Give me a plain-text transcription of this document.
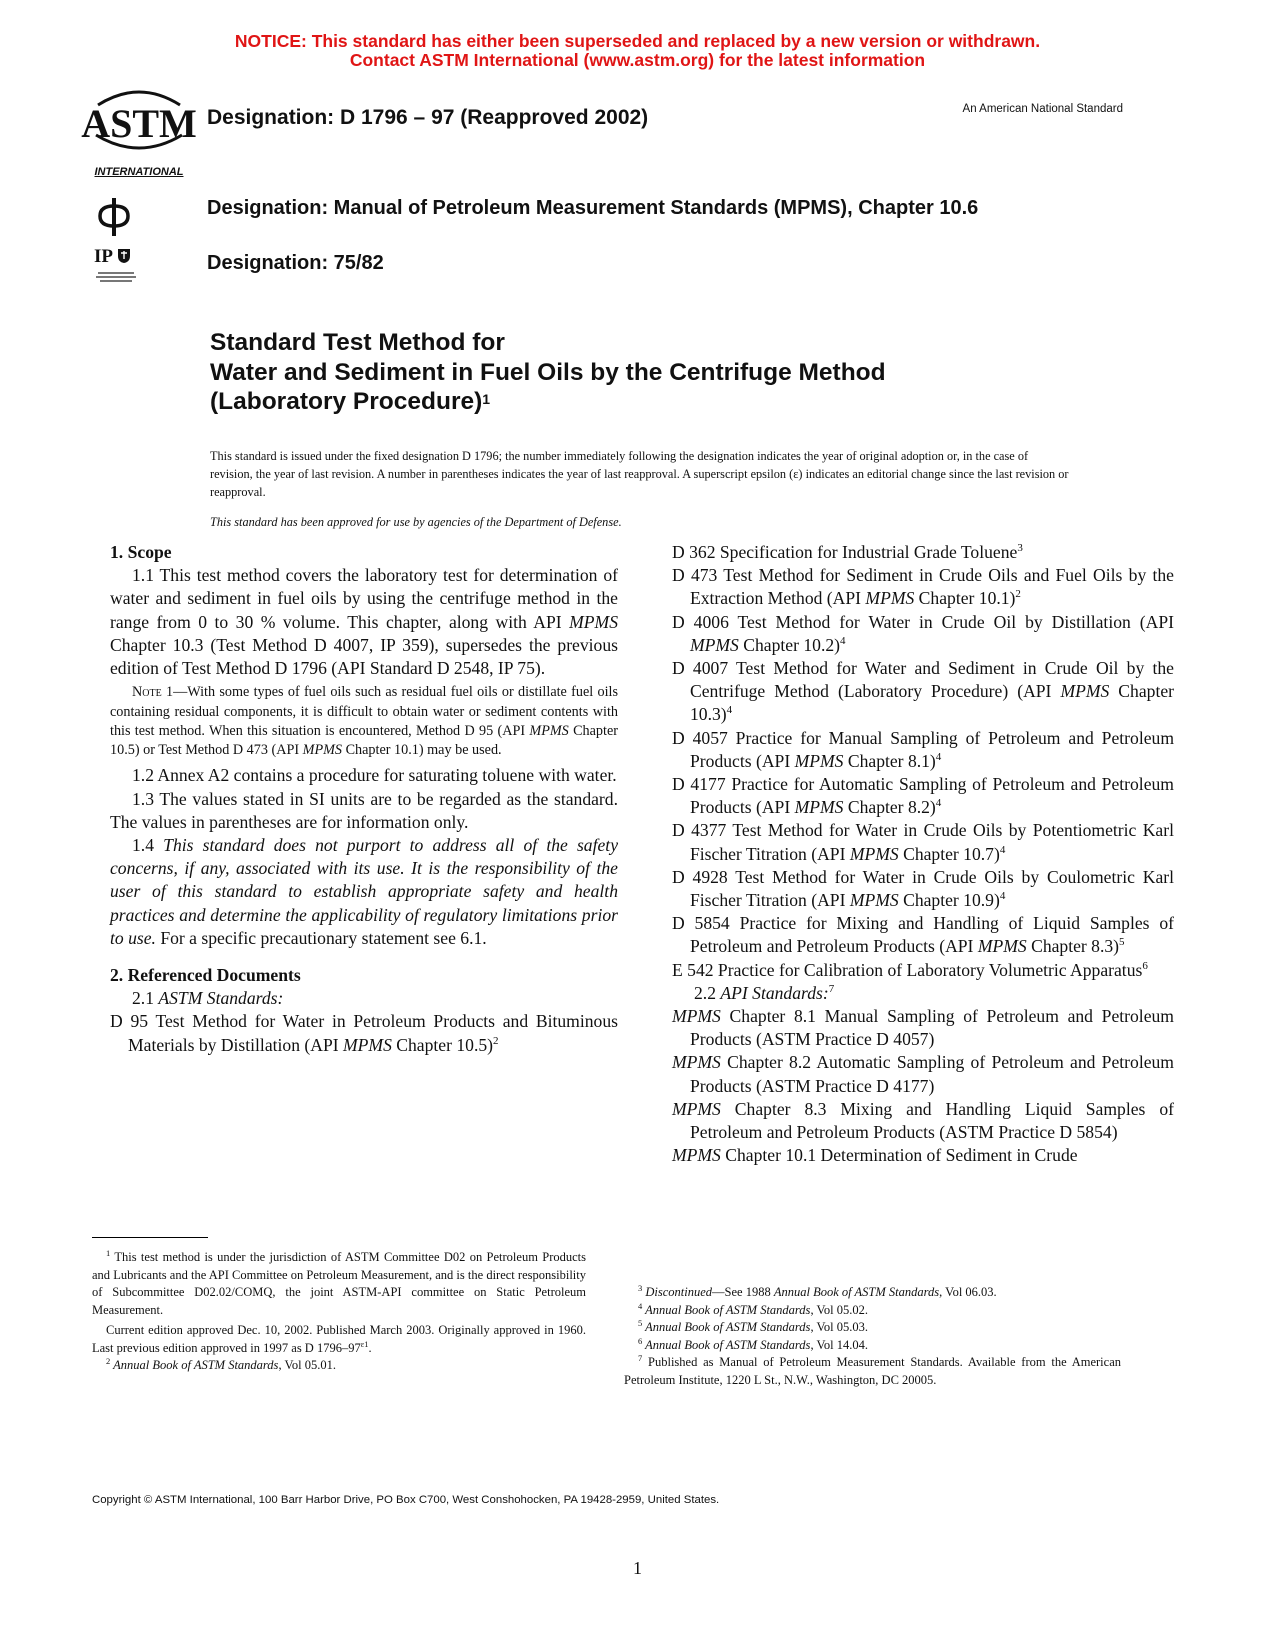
NOTICE: This standard has either been superseded and replaced by a new version or withdrawn.
Contact ASTM International (www.astm.org) for the latest information
ASTM
INTERNATIONAL
IP
Designation: D 1796 – 97 (Reapproved 2002)	An American National Standard
Designation: Manual of Petroleum Measurement Standards (MPMS), Chapter 10.6
Designation: 75/82
Standard Test Method for
Water and Sediment in Fuel Oils by the Centrifuge Method
(Laboratory Procedure)$^1$
This standard is issued under the fixed designation D 1796; the number immediately following the designation indicates the year of original adoption or, in the case of revision, the year of last revision. A number in parentheses indicates the year of last reapproval. A superscript epsilon (ε) indicates an editorial change since the last revision or reapproval.
This standard has been approved for use by agencies of the Department of Defense.
1. Scope

1.1 This test method covers the laboratory test for determination of water and sediment in fuel oils by using the centrifuge method in the range from 0 to 30 % volume. This chapter, along with API MPMS Chapter 10.3 (Test Method D 4007, IP 359), supersedes the previous edition of Test Method D 1796 (API Standard D 2548, IP 75).

Note 1—With some types of fuel oils such as residual fuel oils or distillate fuel oils containing residual components, it is difficult to obtain water or sediment contents with this test method. When this situation is encountered, Method D 95 (API MPMS Chapter 10.5) or Test Method D 473 (API MPMS Chapter 10.1) may be used.

1.2 Annex A2 contains a procedure for saturating toluene with water.

1.3 The values stated in SI units are to be regarded as the standard. The values in parentheses are for information only.

1.4 This standard does not purport to address all of the safety concerns, if any, associated with its use. It is the responsibility of the user of this standard to establish appropriate safety and health practices and determine the applicability of regulatory limitations prior to use. For a specific precautionary statement see 6.1.

2. Referenced Documents

2.1 ASTM Standards:

D 95 Test Method for Water in Petroleum Products and Bituminous Materials by Distillation (API MPMS Chapter 10.5)$^2$

D 362 Specification for Industrial Grade Toluene$^3$

D 473 Test Method for Sediment in Crude Oils and Fuel Oils by the Extraction Method (API MPMS Chapter 10.1)$^2$

D 4006 Test Method for Water in Crude Oil by Distillation (API MPMS Chapter 10.2)$^4$

D 4007 Test Method for Water and Sediment in Crude Oil by the Centrifuge Method (Laboratory Procedure) (API MPMS Chapter 10.3)$^4$

D 4057 Practice for Manual Sampling of Petroleum and Petroleum Products (API MPMS Chapter 8.1)$^4$

D 4177 Practice for Automatic Sampling of Petroleum and Petroleum Products (API MPMS Chapter 8.2)$^4$

D 4377 Test Method for Water in Crude Oils by Potentiometric Karl Fischer Titration (API MPMS Chapter 10.7)$^4$

D 4928 Test Method for Water in Crude Oils by Coulometric Karl Fischer Titration (API MPMS Chapter 10.9)$^4$

D 5854 Practice for Mixing and Handling of Liquid Samples of Petroleum and Petroleum Products (API MPMS Chapter 8.3)$^5$

E 542 Practice for Calibration of Laboratory Volumetric Apparatus$^6$

2.2 API Standards:$^7$

MPMS Chapter 8.1 Manual Sampling of Petroleum and Petroleum Products (ASTM Practice D 4057)

MPMS Chapter 8.2 Automatic Sampling of Petroleum and Petroleum Products (ASTM Practice D 4177)

MPMS Chapter 8.3 Mixing and Handling Liquid Samples of Petroleum and Petroleum Products (ASTM Practice D 5854)

MPMS Chapter 10.1 Determination of Sediment in Crude

$^1$ This test method is under the jurisdiction of ASTM Committee D02 on Petroleum Products and Lubricants and the API Committee on Petroleum Measurement, and is the direct responsibility of Subcommittee D02.02/COMQ, the joint ASTM-API committee on Static Petroleum Measurement.

Current edition approved Dec. 10, 2002. Published March 2003. Originally approved in 1960. Last previous edition approved in 1997 as D $1796-97^{\varepsilon 1}$.

$^2$ Annual Book of ASTM Standards, Vol 05.01.

$^3$ Discontinued—See 1988 Annual Book of ASTM Standards, Vol 06.03.

$^4$ Annual Book of ASTM Standards, Vol 05.02.

$^5$ Annual Book of ASTM Standards, Vol 05.03.

$^6$ Annual Book of ASTM Standards, Vol 14.04.

$^7$ Published as Manual of Petroleum Measurement Standards. Available from the American Petroleum Institute, 1220 L St., N.W., Washington, DC 20005.

Copyright © ASTM International, 100 Barr Harbor Drive, PO Box C700, West Conshohocken, PA 19428-2959, United States.
1
